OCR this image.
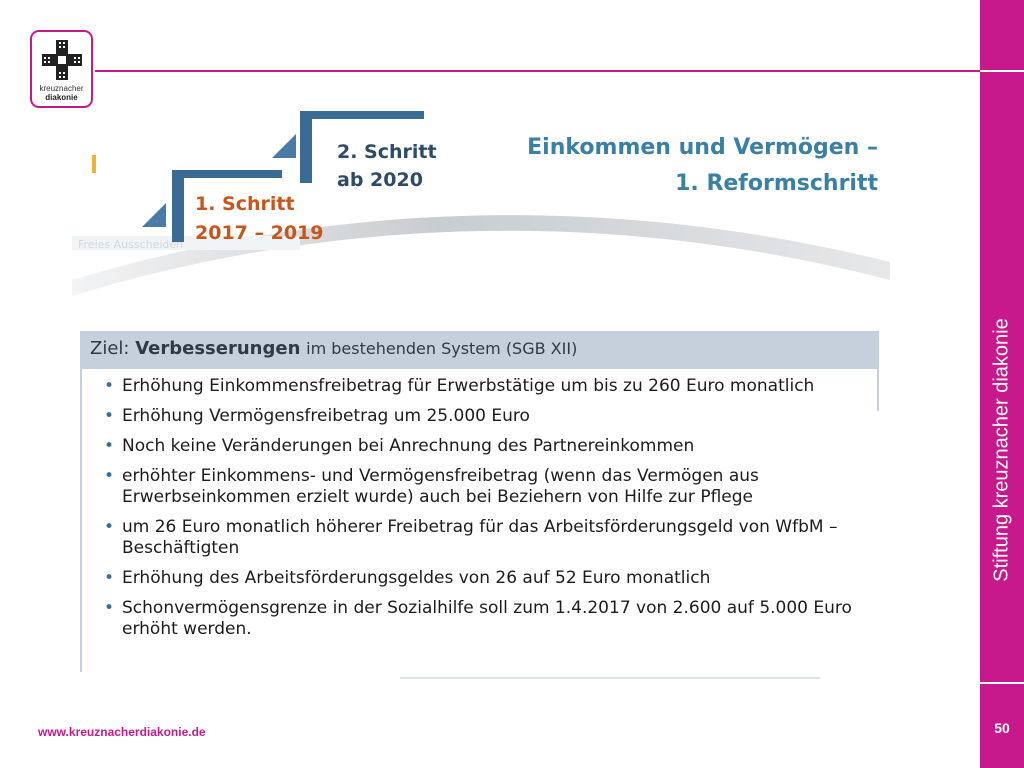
Stiftung kreuznacher diakonie
50
kreuznacher
diakonie
Freies Ausscheiden
2. Schritt
ab 2020
1. Schritt
2017 – 2019
Einkommen und Vermögen –
1. Reformschritt
Ziel: Verbesserungen im bestehenden System (SGB XII)
• Erhöhung Einkommensfreibetrag für Erwerbstätige um bis zu 260 Euro monatlich
• Erhöhung Vermögensfreibetrag um 25.000 Euro
• Noch keine Veränderungen bei Anrechnung des Partnereinkommen
• erhöhter Einkommens- und Vermögensfreibetrag (wenn das Vermögen aus Erwerbseinkommen erzielt wurde) auch bei Beziehern von Hilfe zur Pflege
• um 26 Euro monatlich höherer Freibetrag für das Arbeitsförderungsgeld von WfbM – Beschäftigten
• Erhöhung des Arbeitsförderungsgeldes von 26 auf 52 Euro monatlich
• Schonvermögensgrenze in der Sozialhilfe soll zum 1.4.2017 von 2.600 auf 5.000 Euro erhöht werden.
www.kreuznacherdiakonie.de
